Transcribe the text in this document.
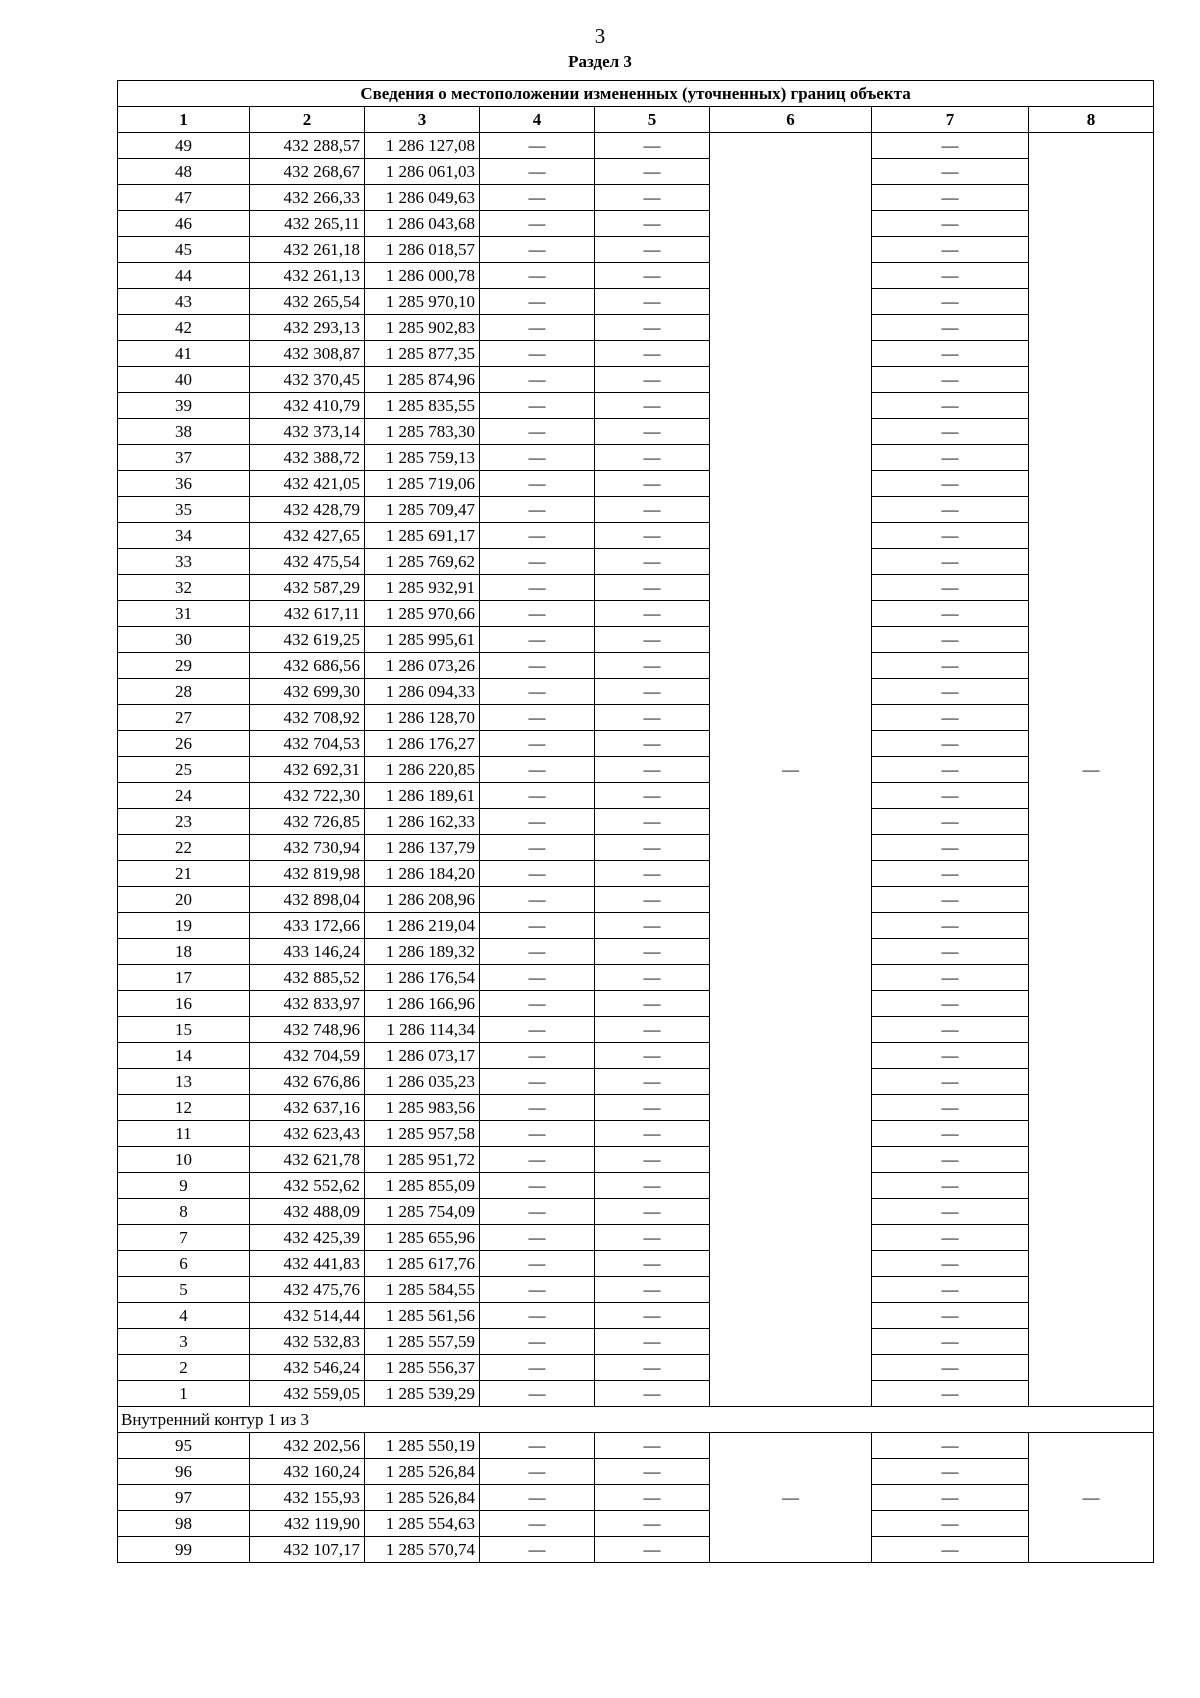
3
Раздел 3
Сведения о местоположении измененных (уточненных) границ объекта							
1	2	3	4	5	6	7	8
49	432 288,57	1 286 127,08	—	—	—	—	—
48	432 268,67	1 286 061,03	—	—		—	
47	432 266,33	1 286 049,63	—	—		—	
46	432 265,11	1 286 043,68	—	—		—	
45	432 261,18	1 286 018,57	—	—		—	
44	432 261,13	1 286 000,78	—	—		—	
43	432 265,54	1 285 970,10	—	—		—	
42	432 293,13	1 285 902,83	—	—		—	
41	432 308,87	1 285 877,35	—	—		—	
40	432 370,45	1 285 874,96	—	—		—	
39	432 410,79	1 285 835,55	—	—		—	
38	432 373,14	1 285 783,30	—	—		—	
37	432 388,72	1 285 759,13	—	—		—	
36	432 421,05	1 285 719,06	—	—		—	
35	432 428,79	1 285 709,47	—	—		—	
34	432 427,65	1 285 691,17	—	—		—	
33	432 475,54	1 285 769,62	—	—		—	
32	432 587,29	1 285 932,91	—	—		—	
31	432 617,11	1 285 970,66	—	—		—	
30	432 619,25	1 285 995,61	—	—		—	
29	432 686,56	1 286 073,26	—	—		—	
28	432 699,30	1 286 094,33	—	—		—	
27	432 708,92	1 286 128,70	—	—		—	
26	432 704,53	1 286 176,27	—	—		—	
25	432 692,31	1 286 220,85	—	—		—	
24	432 722,30	1 286 189,61	—	—		—	
23	432 726,85	1 286 162,33	—	—		—	
22	432 730,94	1 286 137,79	—	—		—	
21	432 819,98	1 286 184,20	—	—		—	
20	432 898,04	1 286 208,96	—	—		—	
19	433 172,66	1 286 219,04	—	—		—	
18	433 146,24	1 286 189,32	—	—		—	
17	432 885,52	1 286 176,54	—	—		—	
16	432 833,97	1 286 166,96	—	—		—	
15	432 748,96	1 286 114,34	—	—		—	
14	432 704,59	1 286 073,17	—	—		—	
13	432 676,86	1 286 035,23	—	—		—	
12	432 637,16	1 285 983,56	—	—		—	
11	432 623,43	1 285 957,58	—	—		—	
10	432 621,78	1 285 951,72	—	—		—	
9	432 552,62	1 285 855,09	—	—		—	
8	432 488,09	1 285 754,09	—	—		—	
7	432 425,39	1 285 655,96	—	—		—	
6	432 441,83	1 285 617,76	—	—		—	
5	432 475,76	1 285 584,55	—	—		—	
4	432 514,44	1 285 561,56	—	—		—	
3	432 532,83	1 285 557,59	—	—		—	
2	432 546,24	1 285 556,37	—	—		—	
1	432 559,05	1 285 539,29	—	—		—	
Внутренний контур 1 из 3							
95	432 202,56	1 285 550,19	—	—	—	—	—
96	432 160,24	1 285 526,84	—	—		—	
97	432 155,93	1 285 526,84	—	—		—	
98	432 119,90	1 285 554,63	—	—		—	
99	432 107,17	1 285 570,74	—	—		—	
